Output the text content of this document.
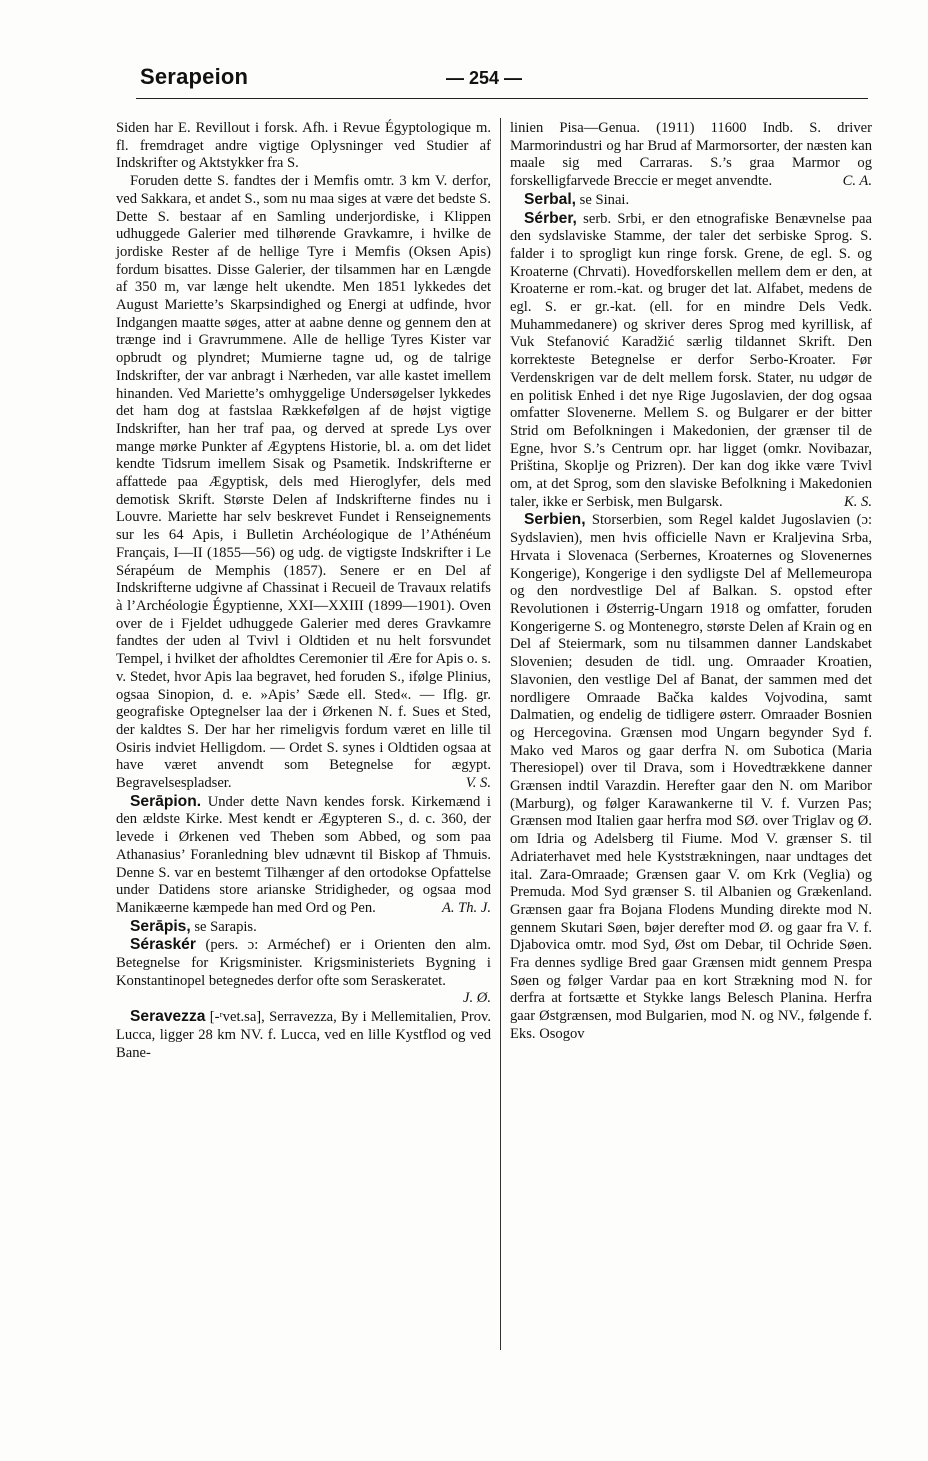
Serapeion	— 254 —

Siden har E. Revillout i forsk. Afh. i Revue Égyptologique m. fl. fremdraget andre vigtige Oplysninger ved Studier af Indskrifter og Aktstykker fra S.

Foruden dette S. fandtes der i Memfis omtr. 3 km V. derfor, ved Sakkara, et andet S., som nu maa siges at være det bedste S. Dette S. bestaar af en Samling underjordiske, i Klippen udhuggede Galerier med tilhørende Gravkamre, i hvilke de jordiske Rester af de hellige Tyre i Memfis (Oksen Apis) fordum bisattes. Disse Galerier, der tilsammen har en Længde af 350 m, var længe helt ukendte. Men 1851 lykkedes det August Mariette’s Skarpsindighed og Energi at udfinde, hvor Indgangen maatte søges, atter at aabne denne og gennem den at trænge ind i Gravrummene. Alle de hellige Tyres Kister var opbrudt og plyndret; Mumierne tagne ud, og de talrige Indskrifter, der var anbragt i Nærheden, var alle kastet imellem hinanden. Ved Mariette’s omhyggelige Undersøgelser lykkedes det ham dog at fastslaa Rækkefølgen af de højst vigtige Indskrifter, han her traf paa, og derved at sprede Lys over mange mørke Punkter af Ægyptens Historie, bl. a. om det lidet kendte Tidsrum imellem Sisak og Psametik. Indskrifterne er affattede paa Ægyptisk, dels med Hieroglyfer, dels med demotisk Skrift. Største Delen af Indskrifterne findes nu i Louvre. Mariette har selv beskrevet Fundet i Renseignements sur les 64 Apis, i Bulletin Archéologique de l’Athénéum Français, I—II (1855—56) og udg. de vigtigste Indskrifter i Le Sérapéum de Memphis (1857). Senere er en Del af Indskrifterne udgivne af Chassinat i Recueil de Travaux relatifs à l’Archéologie Égyptienne, XXI—XXIII (1899—1901). Oven over de i Fjeldet udhuggede Galerier med deres Gravkamre fandtes der uden al Tvivl i Oldtiden et nu helt forsvundet Tempel, i hvilket der afholdtes Ceremonier til Ære for Apis o. s. v. Stedet, hvor Apis laa begravet, hed foruden S., ifølge Plinius, ogsaa Sinopion, d. e. »Apis’ Sæde ell. Sted«. — Iflg. gr. geografiske Optegnelser laa der i Ørkenen N. f. Sues et Sted, der kaldtes S. Der har her rimeligvis fordum været en lille til Osiris indviet Helligdom. — Ordet S. synes i Oldtiden ogsaa at have været anvendt som Betegnelse for ægypt. Begravelsespladser.	V. S.

Serāpion. Under dette Navn kendes forsk. Kirkemænd i den ældste Kirke. Mest kendt er Ægypteren S., d. c. 360, der levede i Ørkenen ved Theben som Abbed, og som paa Athanasius’ Foranledning blev udnævnt til Biskop af Thmuis. Denne S. var en bestemt Tilhænger af den ortodokse Opfattelse under Datidens store arianske Stridigheder, og ogsaa mod Manikæerne kæmpede han med Ord og Pen.	A. Th. J.

Serāpis, se Sarapis.

Séraskér (pers. ɔ: Arméchef) er i Orienten den alm. Betegnelse for Krigsminister. Krigsministeriets Bygning i Konstantinopel betegnedes derfor ofte som Seraskeratet.
J. Ø.

Seravezza [-ʳvet.sa], Serravezza, By i Mellemitalien, Prov. Lucca, ligger 28 km NV. f. Lucca, ved en lille Kystflod og ved Bane-

linien Pisa—Genua. (1911) 11600 Indb. S. driver Marmorindustri og har Brud af Marmorsorter, der næsten kan maale sig med Carraras. S.’s graa Marmor og forskelligfarvede Breccie er meget anvendte.	C. A.

Serbal, se Sinai.

Sérber, serb. Srbi, er den etnografiske Benævnelse paa den sydslaviske Stamme, der taler det serbiske Sprog. S. falder i to sprogligt kun ringe forsk. Grene, de egl. S. og Kroaterne (Chrvati). Hovedforskellen mellem dem er den, at Kroaterne er rom.-kat. og bruger det lat. Alfabet, medens de egl. S. er gr.-kat. (ell. for en mindre Dels Vedk. Muhammedanere) og skriver deres Sprog med kyrillisk, af Vuk Stefanović Karadžić særlig tildannet Skrift. Den korrekteste Betegnelse er derfor Serbo-Kroater. Før Verdenskrigen var de delt mellem forsk. Stater, nu udgør de en politisk Enhed i det nye Rige Jugoslavien, der dog ogsaa omfatter Slovenerne. Mellem S. og Bulgarer er der bitter Strid om Befolkningen i Makedonien, der grænser til de Egne, hvor S.’s Centrum opr. har ligget (omkr. Novibazar, Priština, Skoplje og Prizren). Der kan dog ikke være Tvivl om, at det Sprog, som den slaviske Befolkning i Makedonien taler, ikke er Serbisk, men Bulgarsk.	K. S.

Serbien, Storserbien, som Regel kaldet Jugoslavien (ɔ: Sydslavien), men hvis officielle Navn er Kraljevina Srba, Hrvata i Slovenaca (Serbernes, Kroaternes og Slovenernes Kongerige), Kongerige i den sydligste Del af Mellemeuropa og den nordvestlige Del af Balkan. S. opstod efter Revolutionen i Østerrig-Ungarn 1918 og omfatter, foruden Kongerigerne S. og Montenegro, største Delen af Krain og en Del af Steiermark, som nu tilsammen danner Landskabet Slovenien; desuden de tidl. ung. Omraader Kroatien, Slavonien, den vestlige Del af Banat, der sammen med det nordligere Omraade Bačka kaldes Vojvodina, samt Dalmatien, og endelig de tidligere østerr. Omraader Bosnien og Hercegovina. Grænsen mod Ungarn begynder Syd f. Mako ved Maros og gaar derfra N. om Subotica (Maria Theresiopel) over til Drava, som i Hovedtrækkene danner Grænsen indtil Varazdin. Herefter gaar den N. om Maribor (Marburg), og følger Karawankerne til V. f. Vurzen Pas; Grænsen mod Italien gaar herfra mod SØ. over Triglav og Ø. om Idria og Adelsberg til Fiume. Mod V. grænser S. til Adriaterhavet med hele Kyststrækningen, naar undtages det ital. Zara-Omraade; Grænsen gaar V. om Krk (Veglia) og Premuda. Mod Syd grænser S. til Albanien og Grækenland. Grænsen gaar fra Bojana Flodens Munding direkte mod N. gennem Skutari Søen, bøjer derefter mod Ø. og gaar fra V. f. Djabovica omtr. mod Syd, Øst om Debar, til Ochride Søen. Fra dennes sydlige Bred gaar Grænsen midt gennem Prespa Søen og følger Vardar paa en kort Strækning mod N. for derfra at fortsætte et Stykke langs Belesch Planina. Herfra gaar Østgrænsen, mod Bulgarien, mod N. og NV., følgende f. Eks. Osogov
